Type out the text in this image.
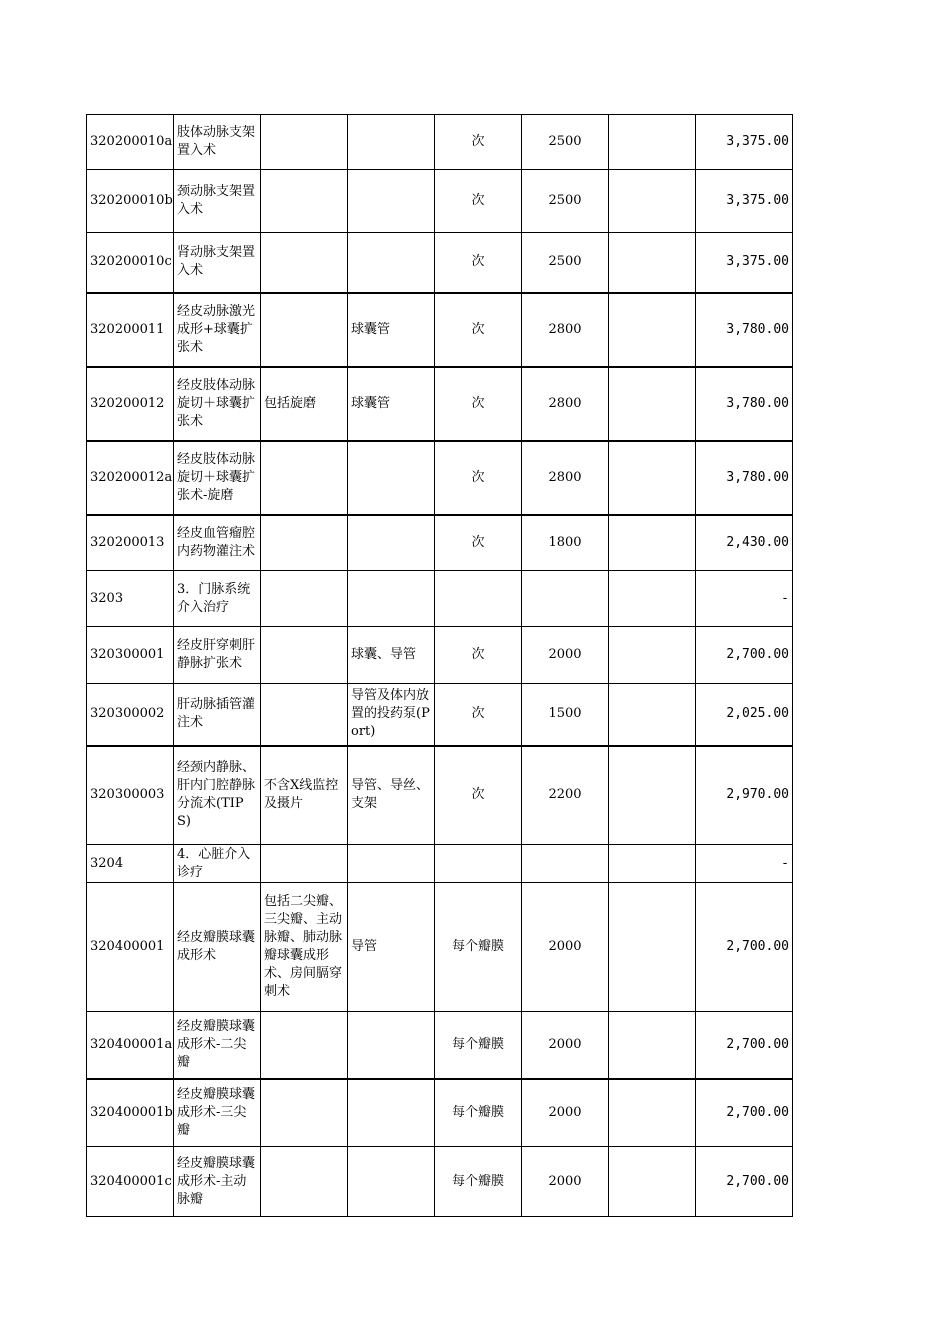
320200010a	肢体动脉支架置入术			次	2500		3,375.00
320200010b	颈动脉支架置入术			次	2500		3,375.00
320200010c	肾动脉支架置入术			次	2500		3,375.00
320200011	经皮动脉激光成形+球囊扩张术		球囊管	次	2800		3,780.00
320200012	经皮肢体动脉旋切＋球囊扩张术	包括旋磨	球囊管	次	2800		3,780.00
320200012a	经皮肢体动脉旋切＋球囊扩张术-旋磨			次	2800		3,780.00
320200013	经皮血管瘤腔内药物灌注术			次	1800		2,430.00
3203	3．门脉系统介入治疗						-
320300001	经皮肝穿刺肝静脉扩张术		球囊、导管	次	2000		2,700.00
320300002	肝动脉插管灌注术		导管及体内放置的投药泵(Port)	次	1500		2,025.00
320300003	经颈内静脉、肝内门腔静脉分流术(TIPS)	不含X线监控及摄片	导管、导丝、支架	次	2200		2,970.00
3204	4．心脏介入诊疗						-
320400001	经皮瓣膜球囊成形术	包括二尖瓣、三尖瓣、主动脉瓣、肺动脉瓣球囊成形术、房间膈穿刺术	导管	每个瓣膜	2000		2,700.00
320400001a	经皮瓣膜球囊成形术-二尖瓣			每个瓣膜	2000		2,700.00
320400001b	经皮瓣膜球囊成形术-三尖瓣			每个瓣膜	2000		2,700.00
320400001c	经皮瓣膜球囊成形术-主动脉瓣			每个瓣膜	2000		2,700.00
